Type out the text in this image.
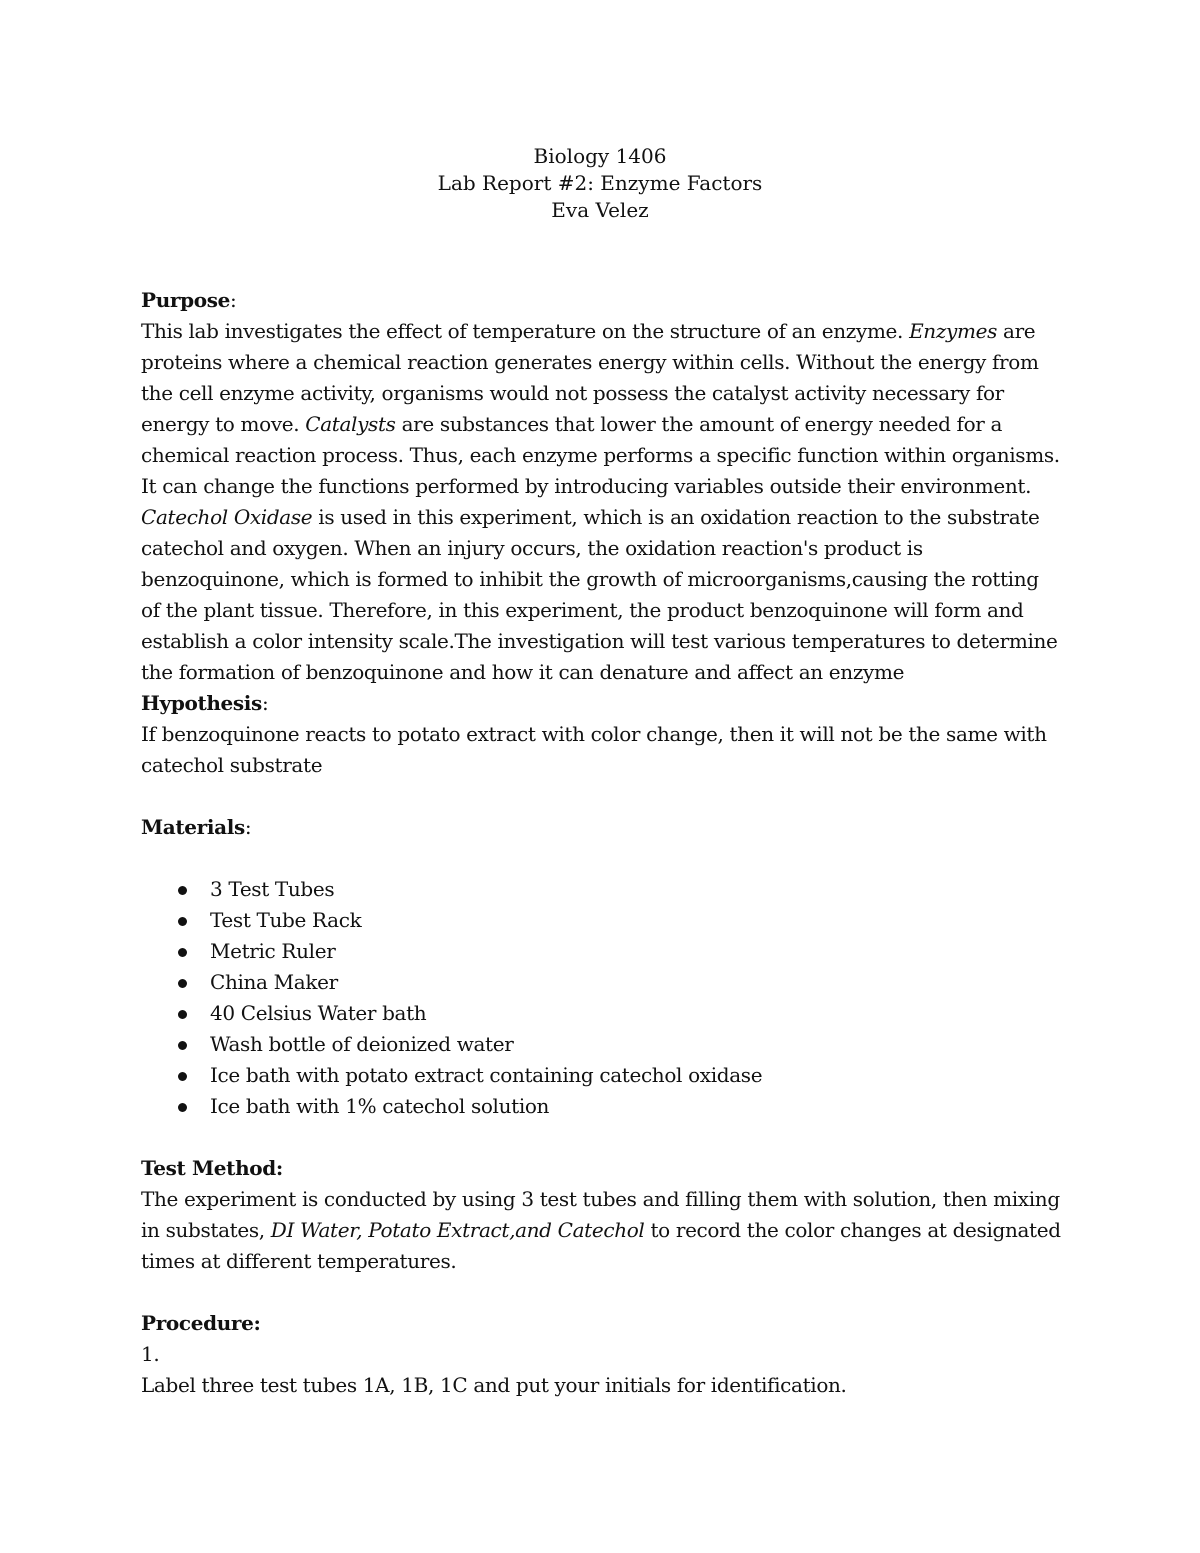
Biology 1406
Lab Report #2: Enzyme Factors
Eva Velez
Purpose:

This lab investigates the effect of temperature on the structure of an enzyme. Enzymes are proteins where a chemical reaction generates energy within cells. Without the energy from the cell enzyme activity, organisms would not possess the catalyst activity necessary for energy to move. Catalysts are substances that lower the amount of energy needed for a chemical reaction process. Thus, each enzyme performs a specific function within organisms. It can change the functions performed by introducing variables outside their environment. Catechol Oxidase is used in this experiment, which is an oxidation reaction to the substrate catechol and oxygen. When an injury occurs, the oxidation reaction's product is benzoquinone, which is formed to inhibit the growth of microorganisms,causing the rotting of the plant tissue. Therefore, in this experiment, the product benzoquinone will form and establish a color intensity scale.The investigation will test various temperatures to determine the formation of benzoquinone and how it can denature and affect an enzyme

Hypothesis:

If benzoquinone reacts to potato extract with color change, then it will not be the same with catechol substrate

Materials:
3 Test Tubes
Test Tube Rack
Metric Ruler
China Maker
40 Celsius Water bath
Wash bottle of deionized water
Ice bath with potato extract containing catechol oxidase
Ice bath with 1% catechol solution
Test Method:

The experiment is conducted by using 3 test tubes and filling them with solution, then mixing in substates, DI Water, Potato Extract,and Catechol to record the color changes at designated times at different temperatures.

Procedure:
1.
Label three test tubes 1A, 1B, 1C and put your initials for identification.
